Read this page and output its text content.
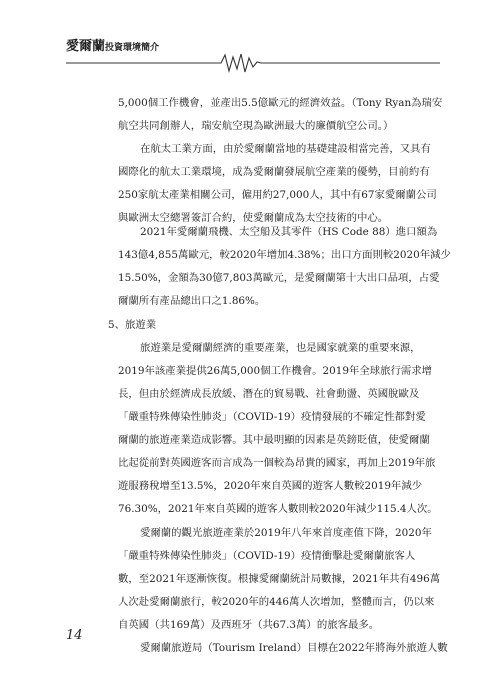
愛爾蘭投資環境簡介
5,000個工作機會，並產出5.5億歐元的經濟效益。（Tony Ryan為瑞安
航空共同創辦人，瑞安航空現為歐洲最大的廉價航空公司。）
在航太工業方面，由於愛爾蘭當地的基礎建設相當完善，又具有
國際化的航太工業環境，成為愛爾蘭發展航空產業的優勢，目前約有
250家航太產業相關公司，僱用約27,000人，其中有67家愛爾蘭公司
與歐洲太空總署簽訂合約，使愛爾蘭成為太空技術的中心。
2021年愛爾蘭飛機、太空船及其零件（HS Code 88）進口額為
143億4,855萬歐元，較2020年增加4.38%；出口方面則較2020年減少
15.50%，金額為30億7,803萬歐元，是愛爾蘭第十大出口品項，占愛
爾蘭所有產品總出口之1.86%。
旅遊業是愛爾蘭經濟的重要產業，也是國家就業的重要來源，
2019年該產業提供26萬5,000個工作機會。2019年全球旅行需求增
長，但由於經濟成長放緩、潛在的貿易戰、社會動盪、英國脫歐及
「嚴重特殊傳染性肺炎」（COVID-19）疫情發展的不確定性都對愛
爾蘭的旅遊產業造成影響。其中最明顯的因素是英鎊貶值，使愛爾蘭
比起從前對英國遊客而言成為一個較為昂貴的國家，再加上2019年旅
遊服務稅增至13.5%，2020年來自英國的遊客人數較2019年減少
76.30%，2021年來自英國的遊客人數則較2020年減少115.4人次。
愛爾蘭的觀光旅遊產業於2019年八年來首度產值下降，2020年
「嚴重特殊傳染性肺炎」（COVID-19）疫情衝擊赴愛爾蘭旅客人
數，至2021年逐漸恢復。根據愛爾蘭統計局數據，2021年共有496萬
人次赴愛爾蘭旅行，較2020年的446萬人次增加，整體而言，仍以來
自英國（共169萬）及西班牙（共67.3萬）的旅客最多。
愛爾蘭旅遊局（Tourism Ireland）目標在2022年將海外旅遊人數
5、旅遊業
14
